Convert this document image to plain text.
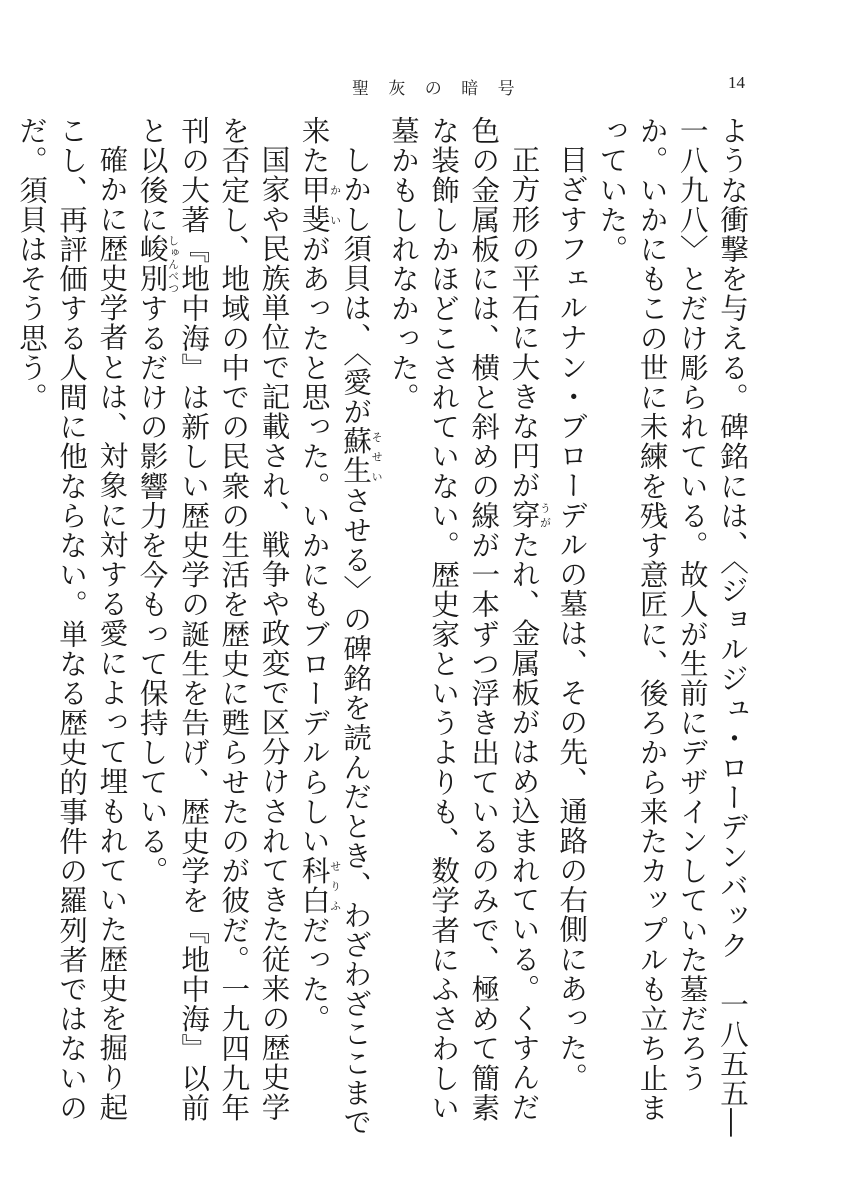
聖 灰 の 暗 号	14

ような衝撃を与える。碑銘には、〈ジョルジュ・ローデンバック　一八五五―一八九八〉とだけ彫られている。故人が生前にデザインしていた墓だろうか。いかにもこの世に未練を残す意匠に、後ろから来たカップルも立ち止まっていた。

目ざすフェルナン・ブローデルの墓は、その先、通路の右側にあった。

正方形の平石に大きな円が穿うがたれ、金属板がはめ込まれている。くすんだ色の金属板には、横と斜めの線が一本ずつ浮き出ているのみで、極めて簡素な装飾しかほどこされていない。歴史家というよりも、数学者にふさわしい墓かもしれなかった。

しかし須貝は、〈愛が蘇生そせいさせる〉の碑銘を読んだとき、わざわざここまで来た甲斐かいがあったと思った。いかにもブローデルらしい科白せりふだった。

国家や民族単位で記載され、戦争や政変で区分けされてきた従来の歴史学を否定し、地域の中での民衆の生活を歴史に甦らせたのが彼だ。一九四九年刊の大著『地中海』は新しい歴史学の誕生を告げ、歴史学を『地中海』以前と以後に峻別しゅんべつするだけの影響力を今もって保持している。

確かに歴史学者とは、対象に対する愛によって埋もれていた歴史を掘り起こし、再評価する人間に他ならない。単なる歴史的事件の羅列者ではないのだ。須貝はそう思う。
